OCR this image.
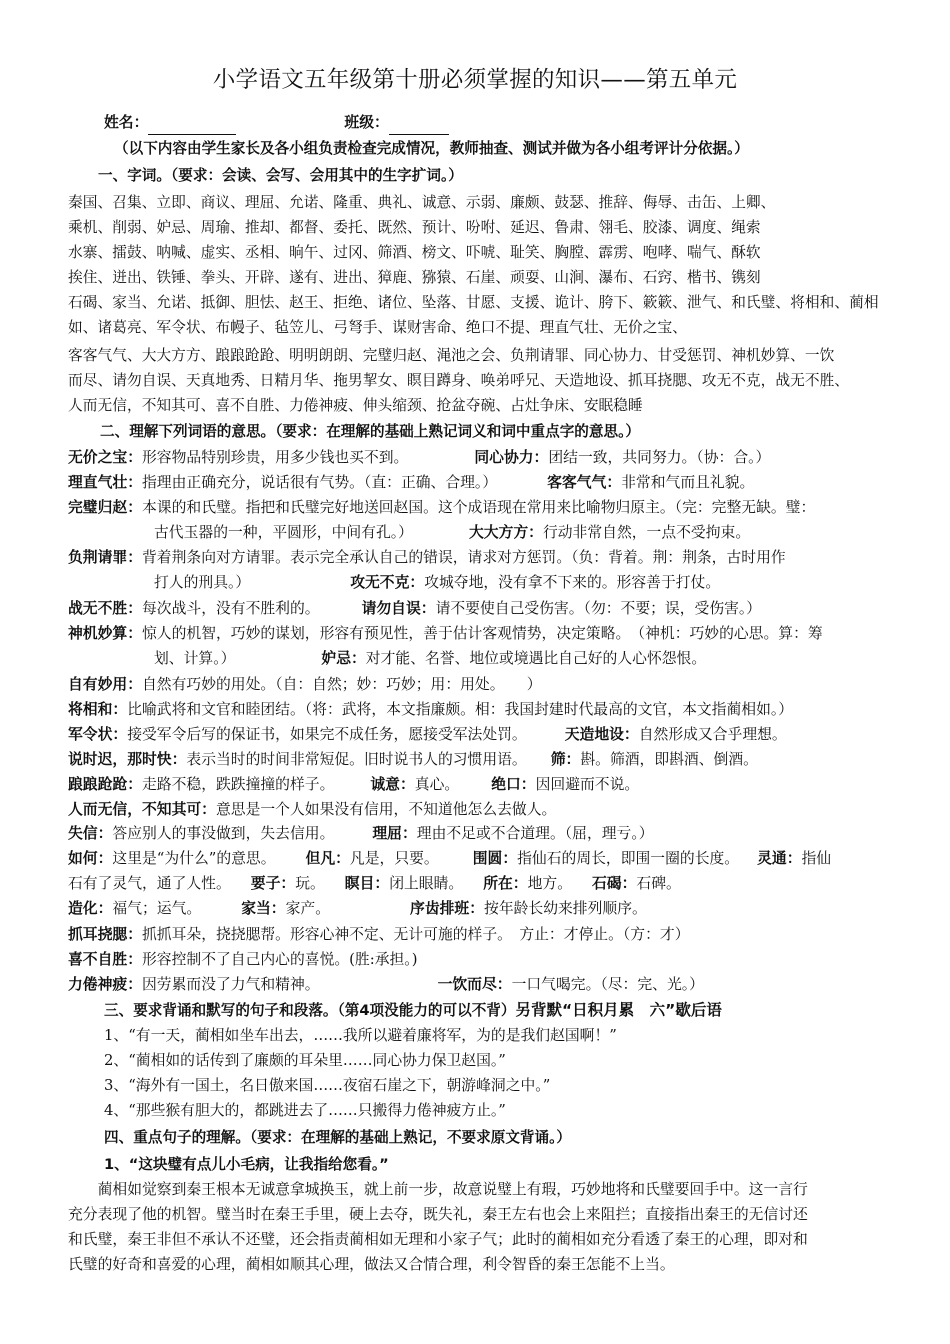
小学语文五年级第十册必须掌握的知识——第五单元
姓名：	班级：
（以下内容由学生家长及各小组负责检查完成情况，教师抽查、测试并做为各小组考评计分依据。）
一、字词。（要求：会读、会写、会用其中的生字扩词。）
秦国、召集、立即、商议、理屈、允诺、隆重、典礼、诚意、示弱、廉颇、鼓瑟、推辞、侮辱、击缶、上卿、
乘机、削弱、妒忌、周瑜、推却、都督、委托、既然、预计、吩咐、延迟、鲁肃、翎毛、胶漆、调度、绳索
水寨、擂鼓、呐喊、虚实、丞相、晌午、过冈、筛酒、榜文、吓唬、耻笑、胸膛、霹雳、咆哮、喘气、酥软
挨住、迸出、铁锤、拳头、开辟、遂有、进出、獐鹿、猕猿、石崖、顽耍、山涧、瀑布、石窍、楷书、镌刻
石碣、家当、允诺、抵御、胆怯、赵王、拒绝、诸位、坠落、甘愿、支援、诡计、胯下、簌簌、泄气、和氏璧、将相和、蔺相
如、诸葛亮、军令状、布幔子、毡笠儿、弓弩手、谋财害命、绝口不提、理直气壮、无价之宝、
客客气气、大大方方、踉踉跄跄、明明朗朗、完璧归赵、渑池之会、负荆请罪、同心协力、甘受惩罚、神机妙算、一饮
而尽、请勿自误、天真地秀、日精月华、拖男挈女、瞑目蹲身、唤弟呼兄、天造地设、抓耳挠腮、攻无不克，战无不胜、
人而无信，不知其可、喜不自胜、力倦神疲、伸头缩颈、抢盆夺碗、占灶争床、安眠稳睡
二、理解下列词语的意思。（要求：在理解的基础上熟记词义和词中重点字的意思。）
无价之宝：形容物品特别珍贵，用多少钱也买不到。	同心协力：团结一致，共同努力。（协：合。）
理直气壮：指理由正确充分，说话很有气势。（直：正确、合理。）	客客气气：非常和气而且礼貌。
完璧归赵：本课的和氏璧。指把和氏璧完好地送回赵国。这个成语现在常用来比喻物归原主。（完：完整无缺。璧：
古代玉器的一种，平圆形，中间有孔。）	大大方方：行动非常自然，一点不受拘束。
负荆请罪：背着荆条向对方请罪。表示完全承认自己的错误，请求对方惩罚。（负：背着。荆：荆条，古时用作
打人的刑具。）	攻无不克：攻城夺地，没有拿不下来的。形容善于打仗。
战无不胜：每次战斗，没有不胜利的。	请勿自误：请不要使自己受伤害。（勿：不要；误，受伤害。）
神机妙算：惊人的机智，巧妙的谋划，形容有预见性，善于估计客观情势，决定策略。　（神机：巧妙的心思。算：筹
划、计算。）	妒忌：对才能、名誉、地位或境遇比自己好的人心怀怨恨。
自有妙用：自然有巧妙的用处。（自：自然；妙：巧妙；用：用处。　　）
将相和：比喻武将和文官和睦团结。（将：武将，本文指廉颇。相：我国封建时代最高的文官，本文指蔺相如。）
军令状：接受军令后写的保证书，如果完不成任务，愿接受军法处罚。	天造地设：自然形成又合乎理想。
说时迟，那时快：表示当时的时间非常短促。旧时说书人的习惯用语。 筛：斟。筛酒，即斟酒、倒酒。
踉踉跄跄：走路不稳，跌跌撞撞的样子。 诚意：真心。 绝口：因回避而不说。
人而无信，不知其可：意思是一个人如果没有信用，不知道他怎么去做人。
失信：答应别人的事没做到，失去信用。	理屈：理由不足或不合道理。（屈，理亏。）
如何：这里是“为什么”的意思。 但凡：凡是，只要。 围圆：指仙石的周长，即围一圈的长度。 灵通：指仙
石有了灵气，通了人性。 要子：玩。 瞑目：闭上眼睛。 所在：地方。 石碣：石碑。
造化：福气；运气。	家当：家产。	序齿排班：按年龄长幼来排列顺序。
抓耳挠腮：抓抓耳朵，挠挠腮帮。形容心神不定、无计可施的样子。　方止：才停止。（方：才）
喜不自胜：形容控制不了自己内心的喜悦。(胜:承担。)
力倦神疲：因劳累而没了力气和精神。	一饮而尽：一口气喝完。（尽：完、光。）
三、要求背诵和默写的句子和段落。（第4项没能力的可以不背）另背默“日积月累　六”歇后语
1、“有一天，蔺相如坐车出去，……我所以避着廉将军，为的是我们赵国啊！”
2、“蔺相如的话传到了廉颇的耳朵里……同心协力保卫赵国。”
3、“海外有一国土，名日傲来国……夜宿石崖之下，朝游峰洞之中。”
4、“那些猴有胆大的，都跳进去了……只搬得力倦神疲方止。”
四、重点句子的理解。（要求：在理解的基础上熟记，不要求原文背诵。）
1、“这块璧有点儿小毛病，让我指给您看。”
　　蔺相如觉察到秦王根本无诚意拿城换玉，就上前一步，故意说璧上有瑕，巧妙地将和氏璧要回手中。这一言行
充分表现了他的机智。璧当时在秦王手里，硬上去夺，既失礼，秦王左右也会上来阻拦；直接指出秦王的无信讨还
和氏璧，秦王非但不承认不还璧，还会指责蔺相如无理和小家子气；此时的蔺相如充分看透了秦王的心理，即对和
氏璧的好奇和喜爱的心理，蔺相如顺其心理，做法又合情合理，利令智昏的秦王怎能不上当。
